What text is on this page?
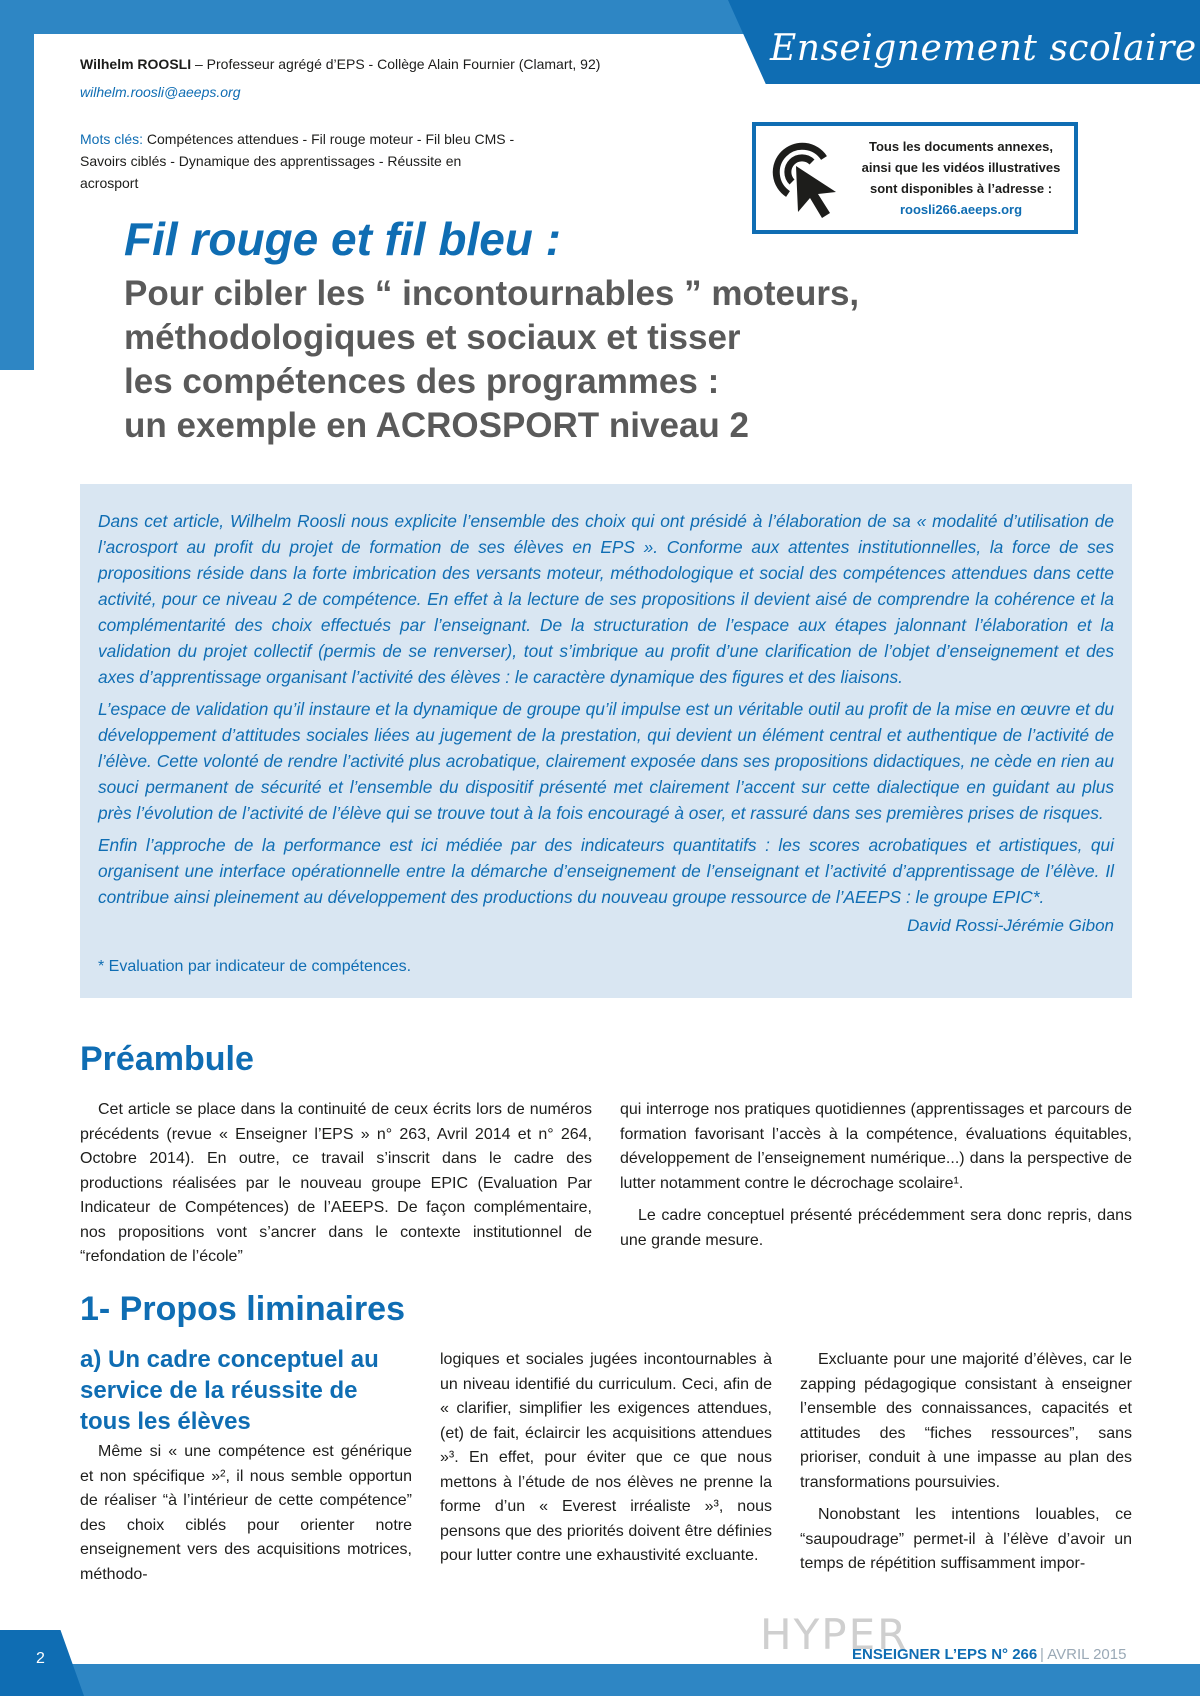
Enseignement scolaire
Wilhelm ROOSLI – Professeur agrégé d’EPS - Collège Alain Fournier (Clamart, 92)
wilhelm.roosli@aeeps.org
Mots clés: Compétences attendues - Fil rouge moteur - Fil bleu CMS - Savoirs ciblés - Dynamique des apprentissages - Réussite en acrosport
Tous les documents annexes,
ainsi que les vidéos illustratives
sont disponibles à l’adresse :
roosli266.aeeps.org
Fil rouge et fil bleu :
Pour cibler les “ incontournables ” moteurs,
méthodologiques et sociaux et tisser
les compétences des programmes :
un exemple en ACROSPORT niveau 2

Dans cet article, Wilhelm Roosli nous explicite l’ensemble des choix qui ont présidé à l’élaboration de sa « modalité d’utilisation de l’acrosport au profit du projet de formation de ses élèves en EPS ». Conforme aux attentes institutionnelles, la force de ses propositions réside dans la forte imbrication des versants moteur, méthodologique et social des compétences attendues dans cette activité, pour ce niveau 2 de compétence. En effet à la lecture de ses propositions il devient aisé de comprendre la cohérence et la complémentarité des choix effectués par l’enseignant. De la structuration de l’espace aux étapes jalonnant l’élaboration et la validation du projet collectif (permis de se renverser), tout s’imbrique au profit d’une clarification de l’objet d’enseignement et des axes d’apprentissage organisant l’activité des élèves : le caractère dynamique des figures et des liaisons.

L’espace de validation qu’il instaure et la dynamique de groupe qu’il impulse est un véritable outil au profit de la mise en œuvre et du développement d’attitudes sociales liées au jugement de la prestation, qui devient un élément central et authentique de l’activité de l’élève. Cette volonté de rendre l’activité plus acrobatique, clairement exposée dans ses propositions didactiques, ne cède en rien au souci permanent de sécurité et l’ensemble du dispositif présenté met clairement l’accent sur cette dialectique en guidant au plus près l’évolution de l’activité de l’élève qui se trouve tout à la fois encouragé à oser, et rassuré dans ses premières prises de risques.

Enfin l’approche de la performance est ici médiée par des indicateurs quantitatifs : les scores acrobatiques et artistiques, qui organisent une interface opérationnelle entre la démarche d’enseignement de l’enseignant et l’activité d’apprentissage de l’élève. Il contribue ainsi pleinement au développement des productions du nouveau groupe ressource de l’AEEPS : le groupe EPIC*.

David Rossi-Jérémie Gibon

* Evaluation par indicateur de compétences.

Préambule

Cet article se place dans la continuité de ceux écrits lors de numéros précédents (revue « Enseigner l’EPS » n° 263, Avril 2014 et n° 264, Octobre 2014). En outre, ce travail s’inscrit dans le cadre des productions réalisées par le nouveau groupe EPIC (Evaluation Par Indicateur de Compétences) de l’AEEPS. De façon complémentaire, nos propositions vont s’ancrer dans le contexte institutionnel de “refondation de l’école”

qui interroge nos pratiques quotidiennes (apprentissages et parcours de formation favorisant l’accès à la compétence, évaluations équitables, développement de l’enseignement numérique...) dans la perspective de lutter notamment contre le décrochage scolaire¹.

Le cadre conceptuel présenté précédemment sera donc repris, dans une grande mesure.

1- Propos liminaires
a) Un cadre conceptuel au service de la réussite de tous les élèves

Même si « une compétence est générique et non spécifique »², il nous semble opportun de réaliser “à l’intérieur de cette compétence” des choix ciblés pour orienter notre enseignement vers des acquisitions motrices, méthodo-

logiques et sociales jugées incontournables à un niveau identifié du curriculum. Ceci, afin de « clarifier, simplifier les exigences attendues, (et) de fait, éclaircir les acquisitions attendues »³. En effet, pour éviter que ce que nous mettons à l’étude de nos élèves ne prenne la forme d’un « Everest irréaliste »³, nous pensons que des priorités doivent être définies pour lutter contre une exhaustivité excluante.

Excluante pour une majorité d’élèves, car le zapping pédagogique consistant à enseigner l’ensemble des connaissances, capacités et attitudes des “fiches ressources”, sans prioriser, conduit à une impasse au plan des transformations poursuivies.

Nonobstant les intentions louables, ce “saupoudrage” permet-il à l’élève d’avoir un temps de répétition suffisamment impor-

2	HYPER
ENSEIGNER L’EPS N° 266 | AVRIL 2015
